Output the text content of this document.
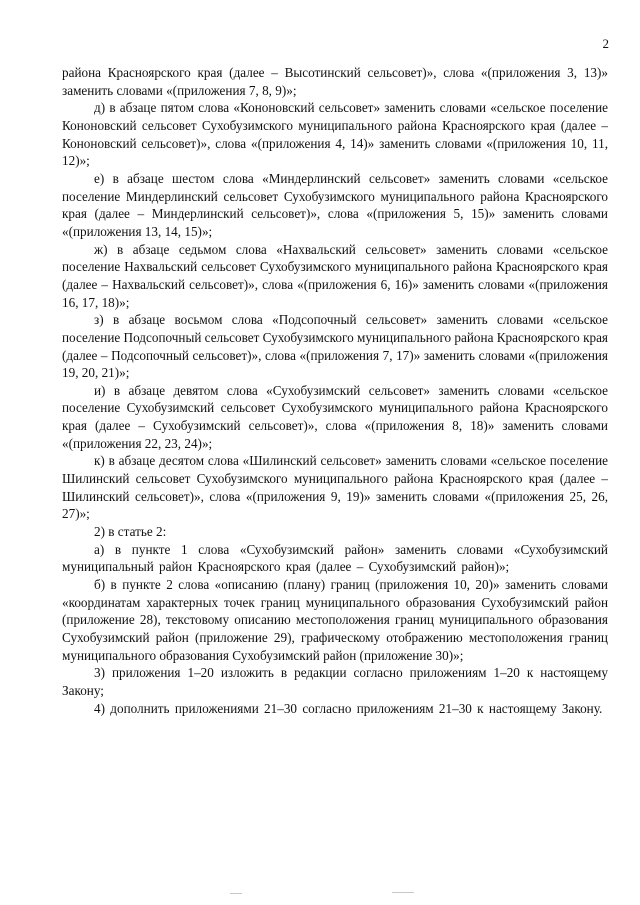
2

района Красноярского края (далее – Высотинский сельсовет)», слова «(приложения 3, 13)» заменить словами «(приложения 7, 8, 9)»;

д) в абзаце пятом слова «Кононовский сельсовет» заменить словами «сельское поселение Кононовский сельсовет Сухобузимского муниципального района Красноярского края (далее – Кононовский сельсовет)», слова «(приложения 4, 14)» заменить словами «(приложения 10, 11, 12)»;

е) в абзаце шестом слова «Миндерлинский сельсовет» заменить словами «сельское поселение Миндерлинский сельсовет Сухобузимского муниципального района Красноярского края (далее – Миндерлинский сельсовет)», слова «(приложения 5, 15)» заменить словами «(приложения 13, 14, 15)»;

ж) в абзаце седьмом слова «Нахвальский сельсовет» заменить словами «сельское поселение Нахвальский сельсовет Сухобузимского муниципального района Красноярского края (далее – Нахвальский сельсовет)», слова «(приложения 6, 16)» заменить словами «(приложения 16, 17, 18)»;

з) в абзаце восьмом слова «Подсопочный сельсовет» заменить словами «сельское поселение Подсопочный сельсовет Сухобузимского муниципального района Красноярского края (далее – Подсопочный сельсовет)», слова «(приложения 7, 17)» заменить словами «(приложения 19, 20, 21)»;

и) в абзаце девятом слова «Сухобузимский сельсовет» заменить словами «сельское поселение Сухобузимский сельсовет Сухобузимского муниципального района Красноярского края (далее – Сухобузимский сельсовет)», слова «(приложения 8, 18)» заменить словами «(приложения 22, 23, 24)»;

к) в абзаце десятом слова «Шилинский сельсовет» заменить словами «сельское поселение Шилинский сельсовет Сухобузимского муниципального района Красноярского края (далее – Шилинский сельсовет)», слова «(приложения 9, 19)» заменить словами «(приложения 25, 26, 27)»;

2) в статье 2:

а) в пункте 1 слова «Сухобузимский район» заменить словами «Сухобузимский муниципальный район Красноярского края (далее – Сухобузимский район)»;

б) в пункте 2 слова «описанию (плану) границ (приложения 10, 20)» заменить словами «координатам характерных точек границ муниципального образования Сухобузимский район (приложение 28), текстовому описанию местоположения границ муниципального образования Сухобузимский район (приложение 29), графическому отображению местоположения границ муниципального образования Сухобузимский район (приложение 30)»;

3) приложения 1–20 изложить в редакции согласно приложениям 1–20 к настоящему Закону;

4) дополнить приложениями 21–30 согласно приложениям 21–30 к настоящему Закону.
